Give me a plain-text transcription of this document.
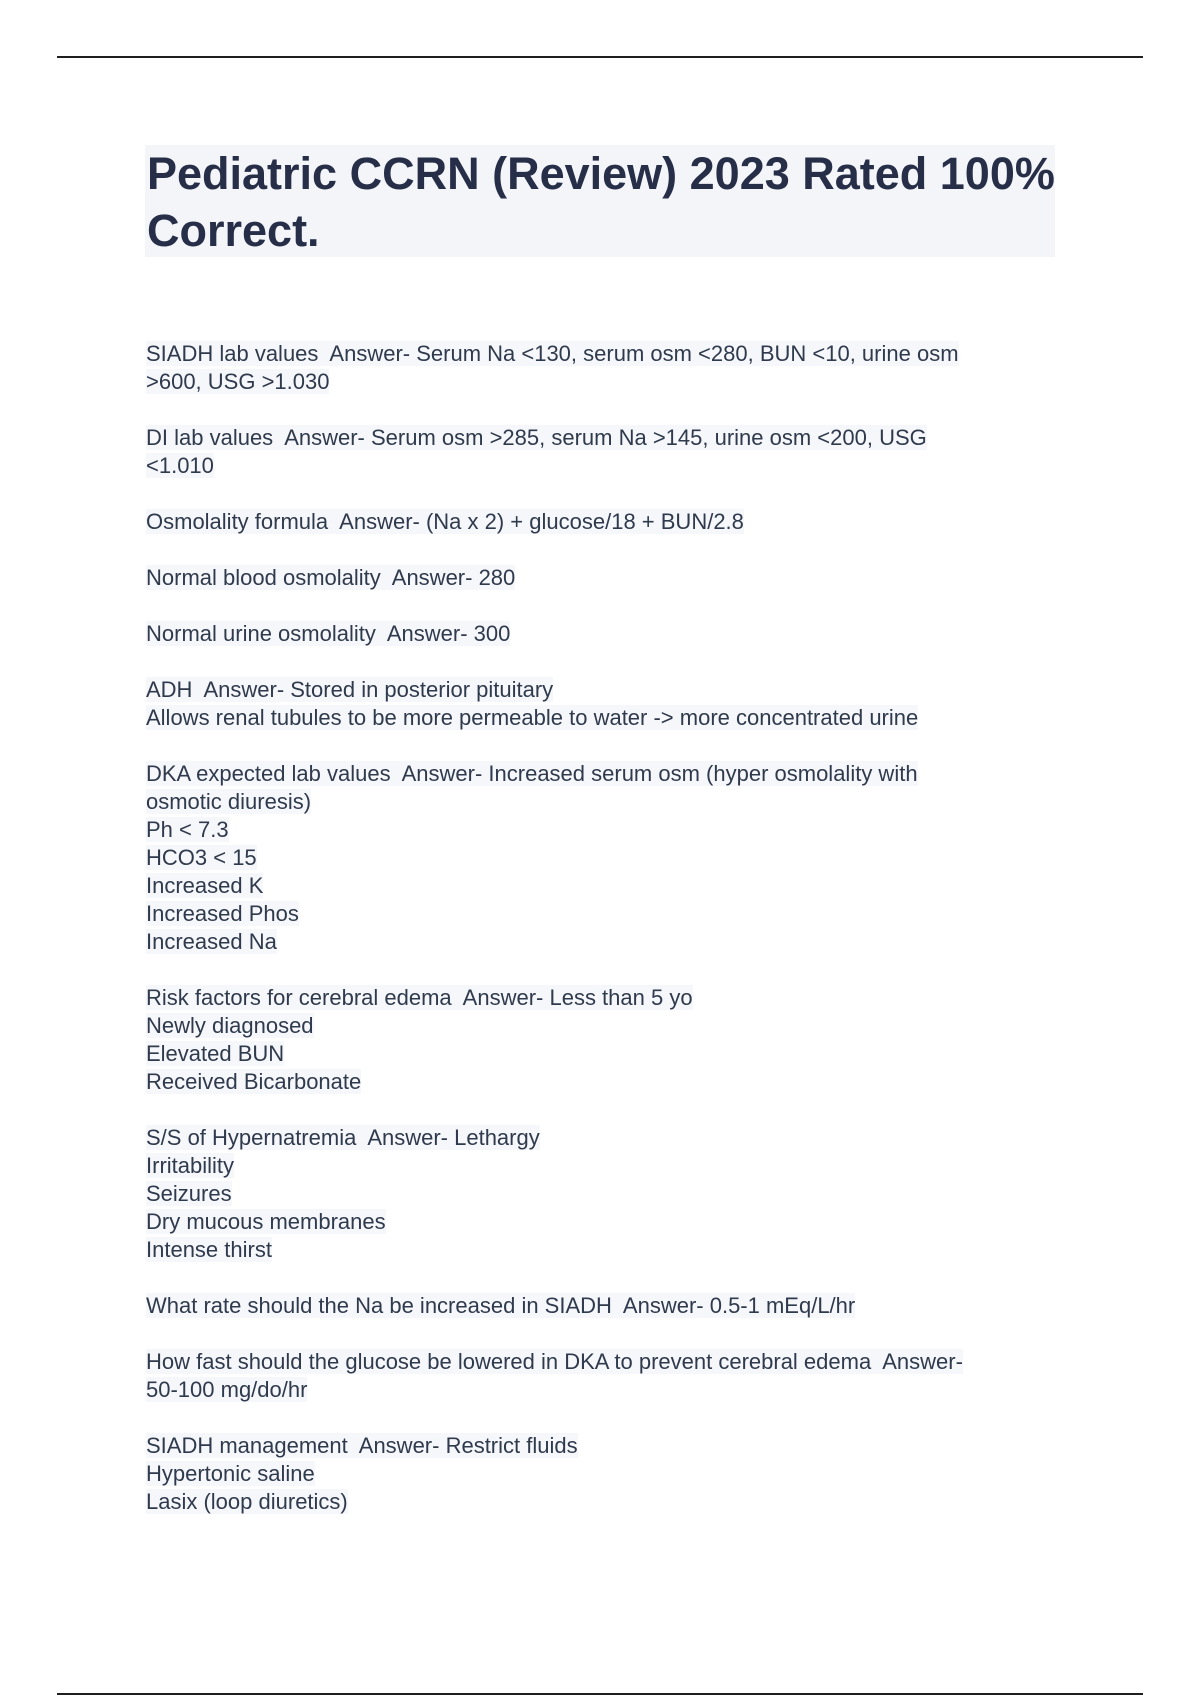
Pediatric CCRN (Review) 2023 Rated 100% Correct.

SIADH lab values  Answer- Serum Na <130, serum osm <280, BUN <10, urine osm
>600, USG >1.030

DI lab values  Answer- Serum osm >285, serum Na >145, urine osm <200, USG
<1.010

Osmolality formula  Answer- (Na x 2) + glucose/18 + BUN/2.8

Normal blood osmolality  Answer- 280

Normal urine osmolality  Answer- 300

ADH  Answer- Stored in posterior pituitary
Allows renal tubules to be more permeable to water -> more concentrated urine

DKA expected lab values  Answer- Increased serum osm (hyper osmolality with
osmotic diuresis)
Ph < 7.3
HCO3 < 15
Increased K
Increased Phos
Increased Na

Risk factors for cerebral edema  Answer- Less than 5 yo
Newly diagnosed
Elevated BUN
Received Bicarbonate

S/S of Hypernatremia  Answer- Lethargy
Irritability
Seizures
Dry mucous membranes
Intense thirst

What rate should the Na be increased in SIADH  Answer- 0.5-1 mEq/L/hr

How fast should the glucose be lowered in DKA to prevent cerebral edema  Answer-
50-100 mg/do/hr

SIADH management  Answer- Restrict fluids
Hypertonic saline
Lasix (loop diuretics)
